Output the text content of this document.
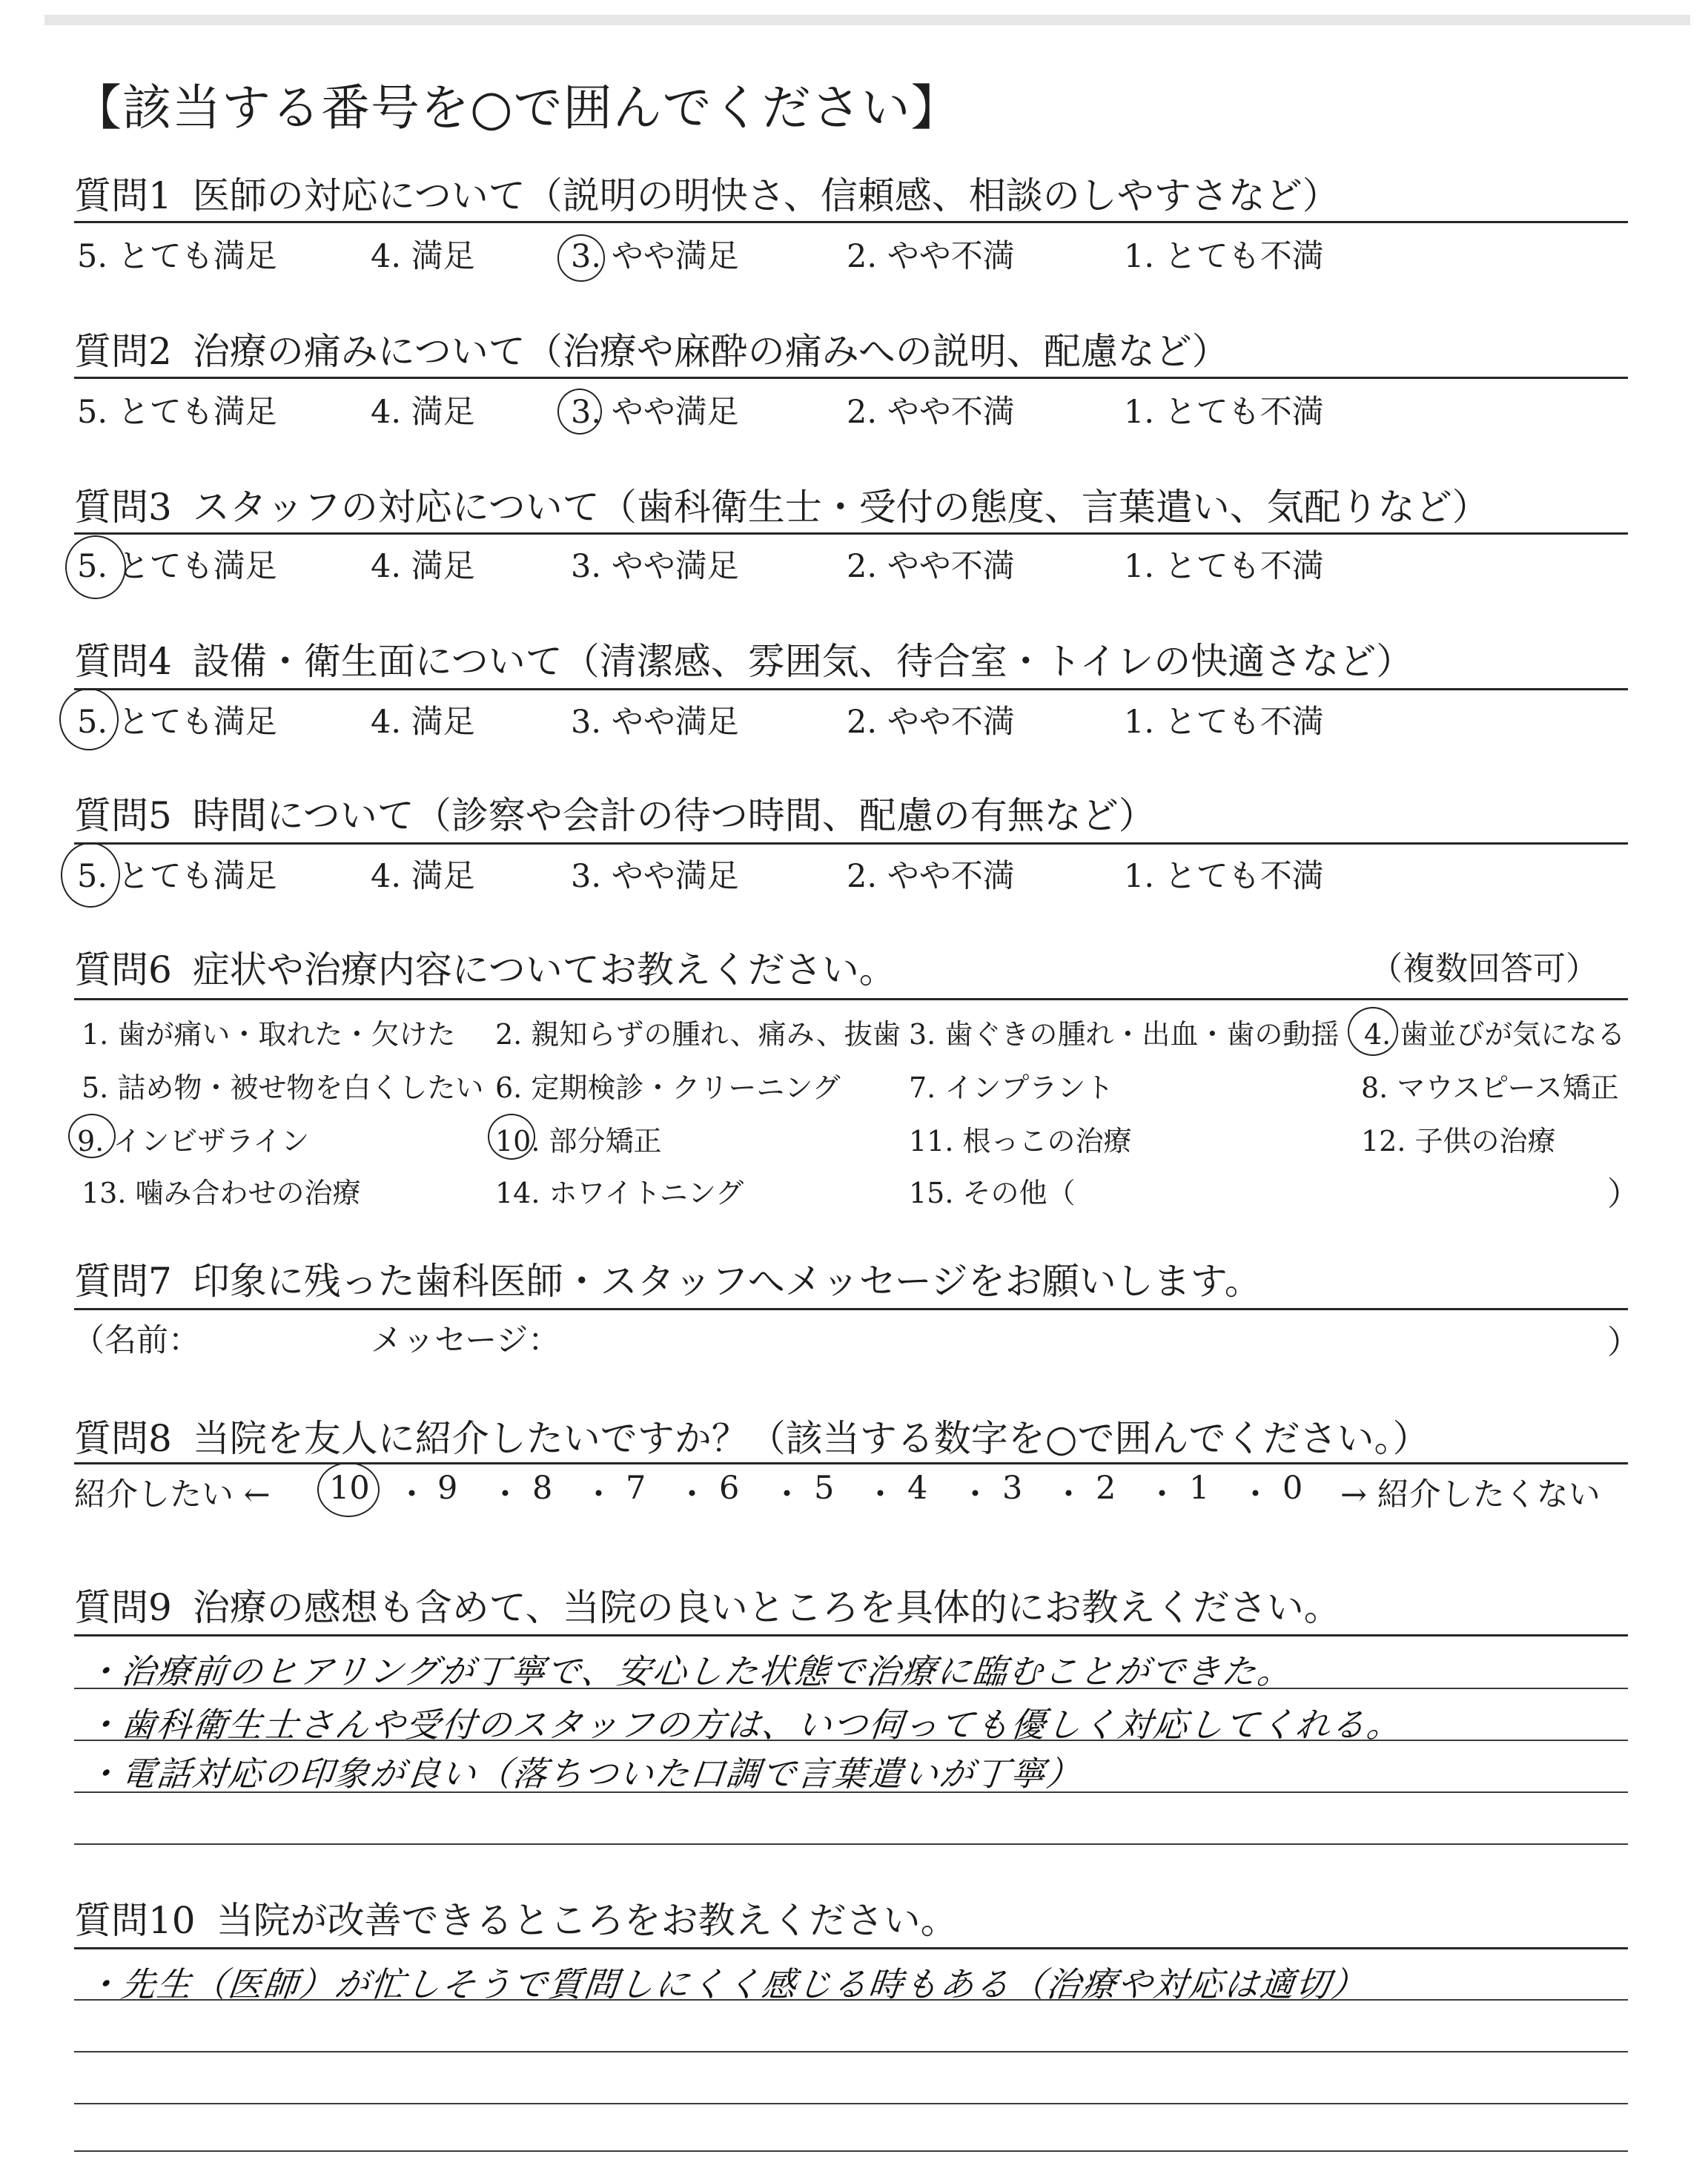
【該当する番号を○で囲んでください】
質問1 医師の対応について（説明の明快さ、信頼感、相談のしやすさなど）
5. とても満足	4. 満足	3. やや満足	2. やや不満	1. とても不満
質問2 治療の痛みについて（治療や麻酔の痛みへの説明、配慮など）
5. とても満足	4. 満足	3. やや満足	2. やや不満	1. とても不満
質問3 スタッフの対応について（歯科衛生士・受付の態度、言葉遣い、気配りなど）
5. とても満足	4. 満足	3. やや満足	2. やや不満	1. とても不満
質問4 設備・衛生面について（清潔感、雰囲気、待合室・トイレの快適さなど）
5. とても満足	4. 満足	3. やや満足	2. やや不満	1. とても不満
質問5 時間について（診察や会計の待つ時間、配慮の有無など）
5. とても満足	4. 満足	3. やや満足	2. やや不満	1. とても不満
質問6 症状や治療内容についてお教えください。	（複数回答可）
1. 歯が痛い・取れた・欠けた 2. 親知らずの腫れ、痛み、抜歯 3. 歯ぐきの腫れ・出血・歯の動揺 4. 歯並びが気になる
5. 詰め物・被せ物を白くしたい 6. 定期検診・クリーニング 7. インプラント	8. マウスピース矯正
9. インビザライン	10. 部分矯正	11. 根っこの治療	12. 子供の治療
13. 噛み合わせの治療	14. ホワイトニング	15. その他（	）
質問7 印象に残った歯科医師・スタッフへメッセージをお願いします。
（名前：	メッセージ：	）
質問8 当院を友人に紹介したいですか？（該当する数字を○で囲んでください。）
紹介したい ← 10 ・ 9 ・ 8 ・ 7 ・ 6 ・ 5 ・ 4 ・ 3 ・ 2 ・ 1 ・ 0 → 紹介したくない
質問9 治療の感想も含めて、当院の良いところを具体的にお教えください。
・治療前のヒアリングが丁寧で、安心した状態で治療に臨むことができた。
・歯科衛生士さんや受付のスタッフの方は、いつ伺っても優しく対応してくれる。
・電話対応の印象が良い（落ちついた口調で言葉遣いが丁寧）
質問10 当院が改善できるところをお教えください。
・先生（医師）が忙しそうで質問しにくく感じる時もある（治療や対応は適切）
